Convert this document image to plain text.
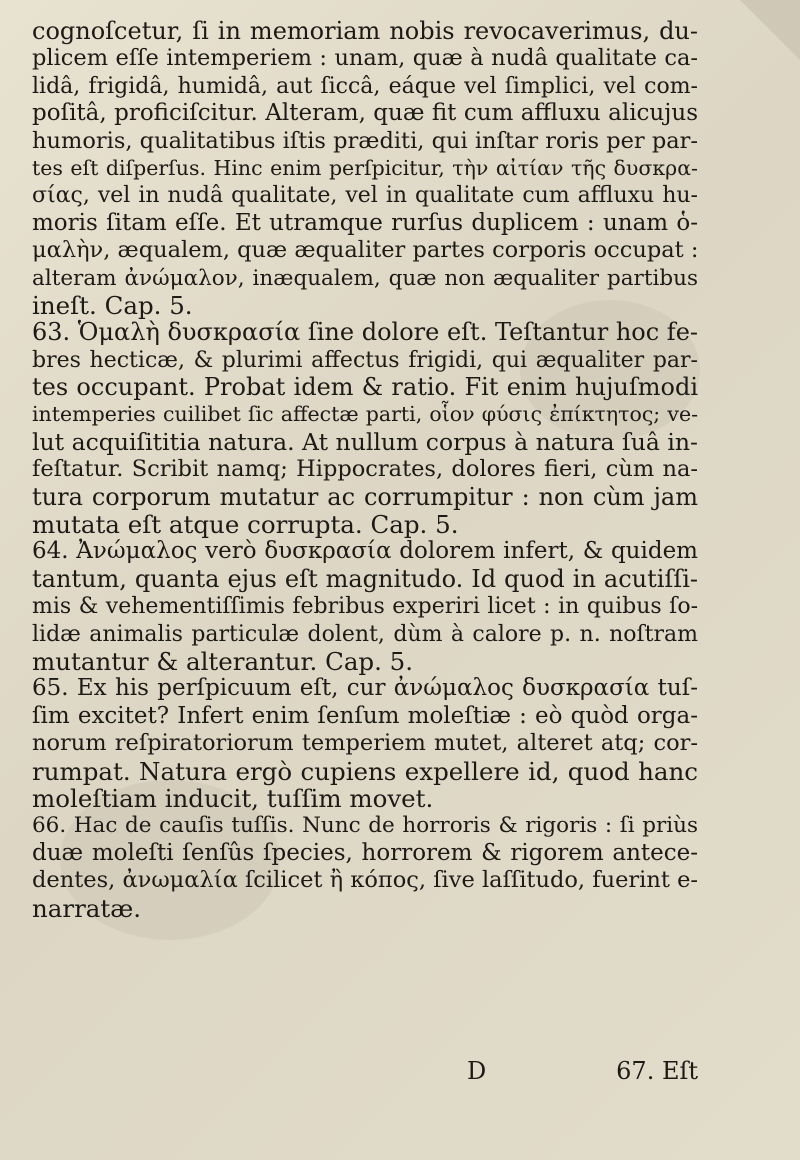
cognoſcetur, ſi in memoriam nobis revocaverimus, du-
plicem eſſe intemperiem : unam, quæ à nudâ qualitate ca-
lidâ, frigidâ, humidâ, aut ſiccâ, eáque vel ſimplici, vel com-
poſitâ, proficiſcitur. Alteram, quæ fit cum affluxu alicujus
humoris, qualitatibus iſtis præditi, qui inſtar roris per par-
tes eſt diſperſus. Hinc enim perſpicitur, τὴν αἰτίαν τῆς δυσκρα-
σίας, vel in nudâ qualitate, vel in qualitate cum affluxu hu-
moris ſitam eſſe. Et utramque rurſus duplicem : unam ὁ-
μαλὴν, æqualem, quæ æqualiter partes corporis occupat :
alteram ἀνώμαλον, inæqualem, quæ non æqualiter partibus
ineſt. Cap. 5.
63. Ὁμαλὴ δυσκρασία ſine dolore eſt. Teſtantur hoc fe-
bres hecticæ, & plurimi affectus frigidi, qui æqualiter par-
tes occupant. Probat idem & ratio. Fit enim hujuſmodi
intemperies cuilibet ſic affectæ parti, οἷον φύσις ἐπίκτητος; ve-
lut acquiſititia natura. At nullum corpus à natura ſuâ in-
feſtatur. Scribit namq; Hippocrates, dolores fieri, cùm na-
tura corporum mutatur ac corrumpitur : non cùm jam
mutata eſt atque corrupta. Cap. 5.
64. Ἀνώμαλος verò δυσκρασία dolorem infert, & quidem
tantum, quanta ejus eſt magnitudo. Id quod in acutiſſi-
mis & vehementiſſimis febribus experiri licet : in quibus ſo-
lidæ animalis particulæ dolent, dùm à calore p. n. noſtram
mutantur & alterantur. Cap. 5.
65. Ex his perſpicuum eſt, cur ἀνώμαλος δυσκρασία tuſ-
ſim excitet? Infert enim ſenſum moleſtiæ : eò quòd orga-
norum reſpiratoriorum temperiem mutet, alteret atq; cor-
rumpat. Natura ergò cupiens expellere id, quod hanc
moleſtiam inducit, tuſſim movet.
66. Hac de cauſis tuſſis. Nunc de horroris & rigoris : ſi priùs
duæ moleſti ſenſûs ſpecies, horrorem & rigorem antece-
dentes, ἀνωμαλία ſcilicet ἢ κόπος, ſive laſſitudo, fuerint e-
narratæ.
D	67. Eſt
